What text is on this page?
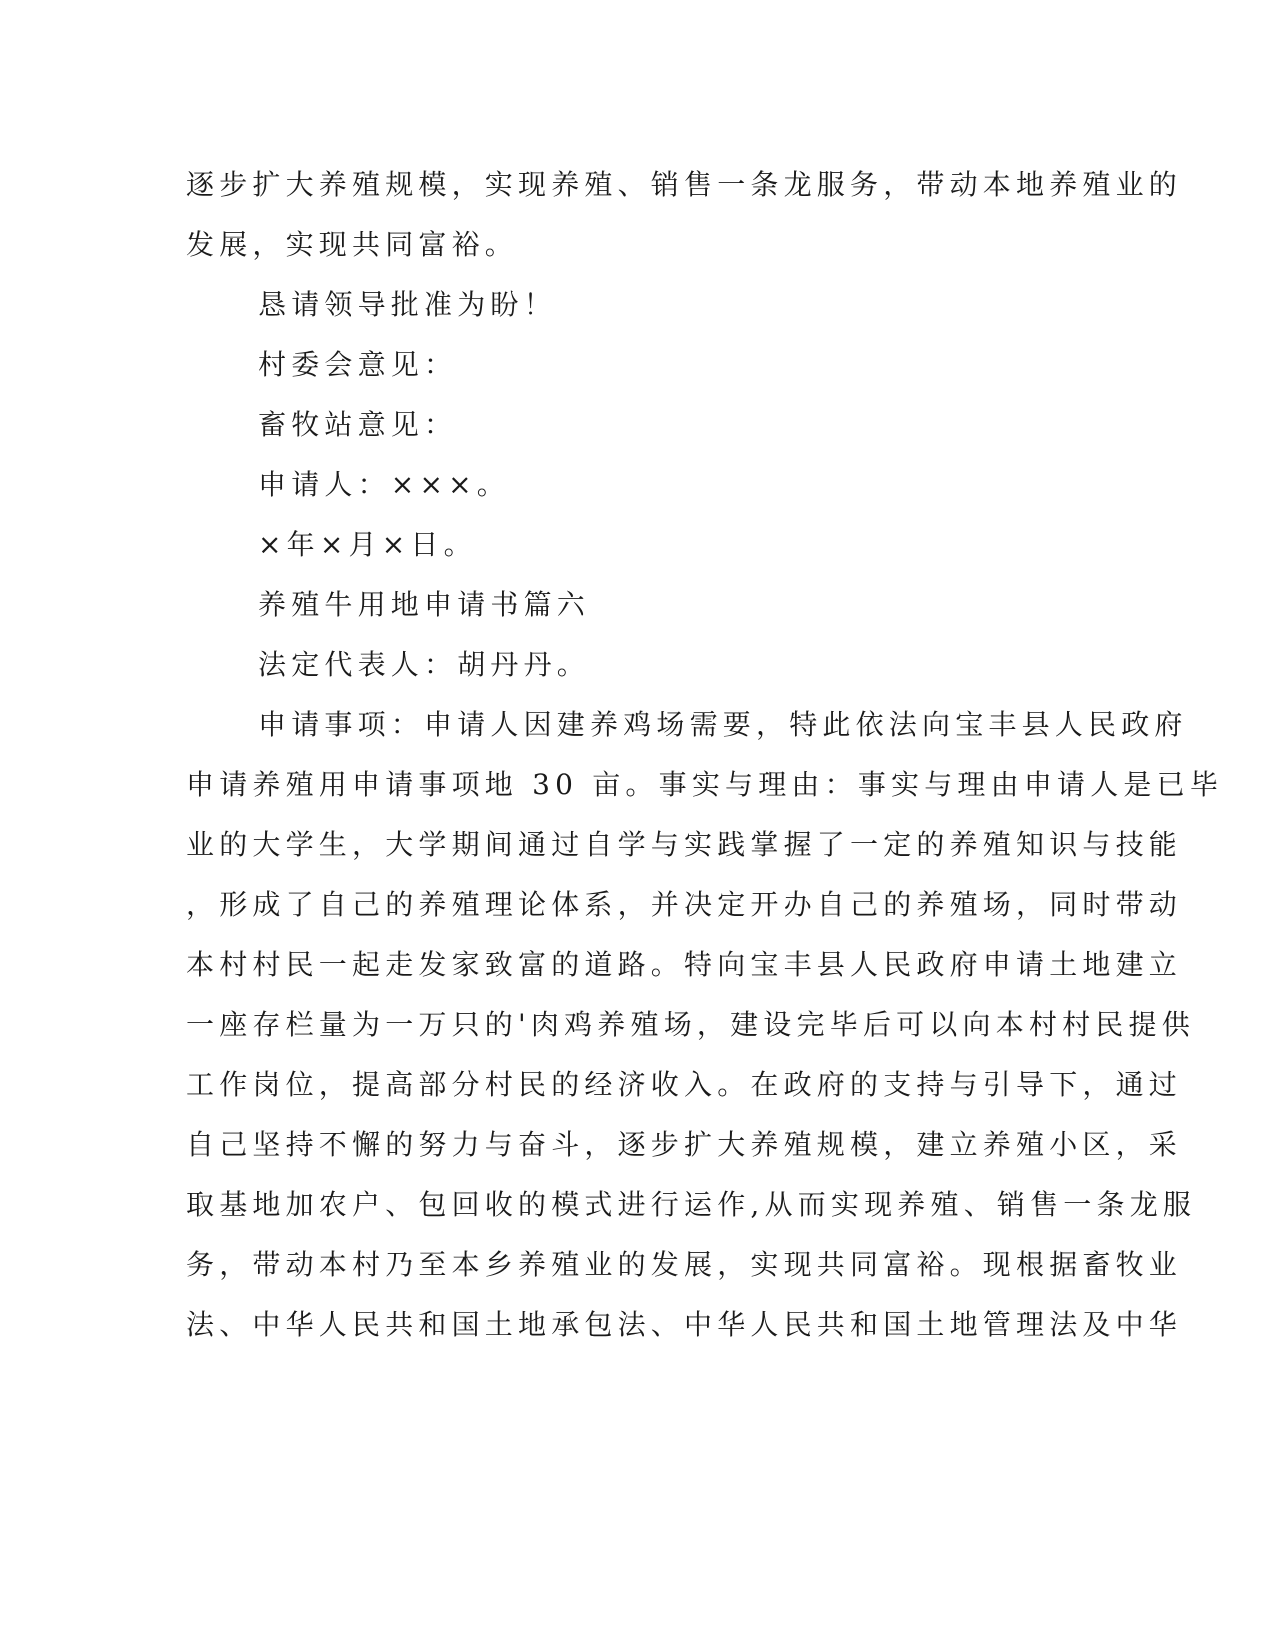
逐步扩大养殖规模，实现养殖、销售一条龙服务，带动本地养殖业的
发展，实现共同富裕。
恳请领导批准为盼！
村委会意见：
畜牧站意见：
申请人：×××。
×年×月×日。
养殖牛用地申请书篇六
法定代表人：胡丹丹。
申请事项：申请人因建养鸡场需要，特此依法向宝丰县人民政府
申请养殖用申请事项地 30 亩。事实与理由：事实与理由申请人是已毕
业的大学生，大学期间通过自学与实践掌握了一定的养殖知识与技能
，形成了自己的养殖理论体系，并决定开办自己的养殖场，同时带动
本村村民一起走发家致富的道路。特向宝丰县人民政府申请土地建立
一座存栏量为一万只的'肉鸡养殖场，建设完毕后可以向本村村民提供
工作岗位，提高部分村民的经济收入。在政府的支持与引导下，通过
自己坚持不懈的努力与奋斗，逐步扩大养殖规模，建立养殖小区，采
取基地加农户、包回收的模式进行运作,从而实现养殖、销售一条龙服
务，带动本村乃至本乡养殖业的发展，实现共同富裕。现根据畜牧业
法、中华人民共和国土地承包法、中华人民共和国土地管理法及中华
